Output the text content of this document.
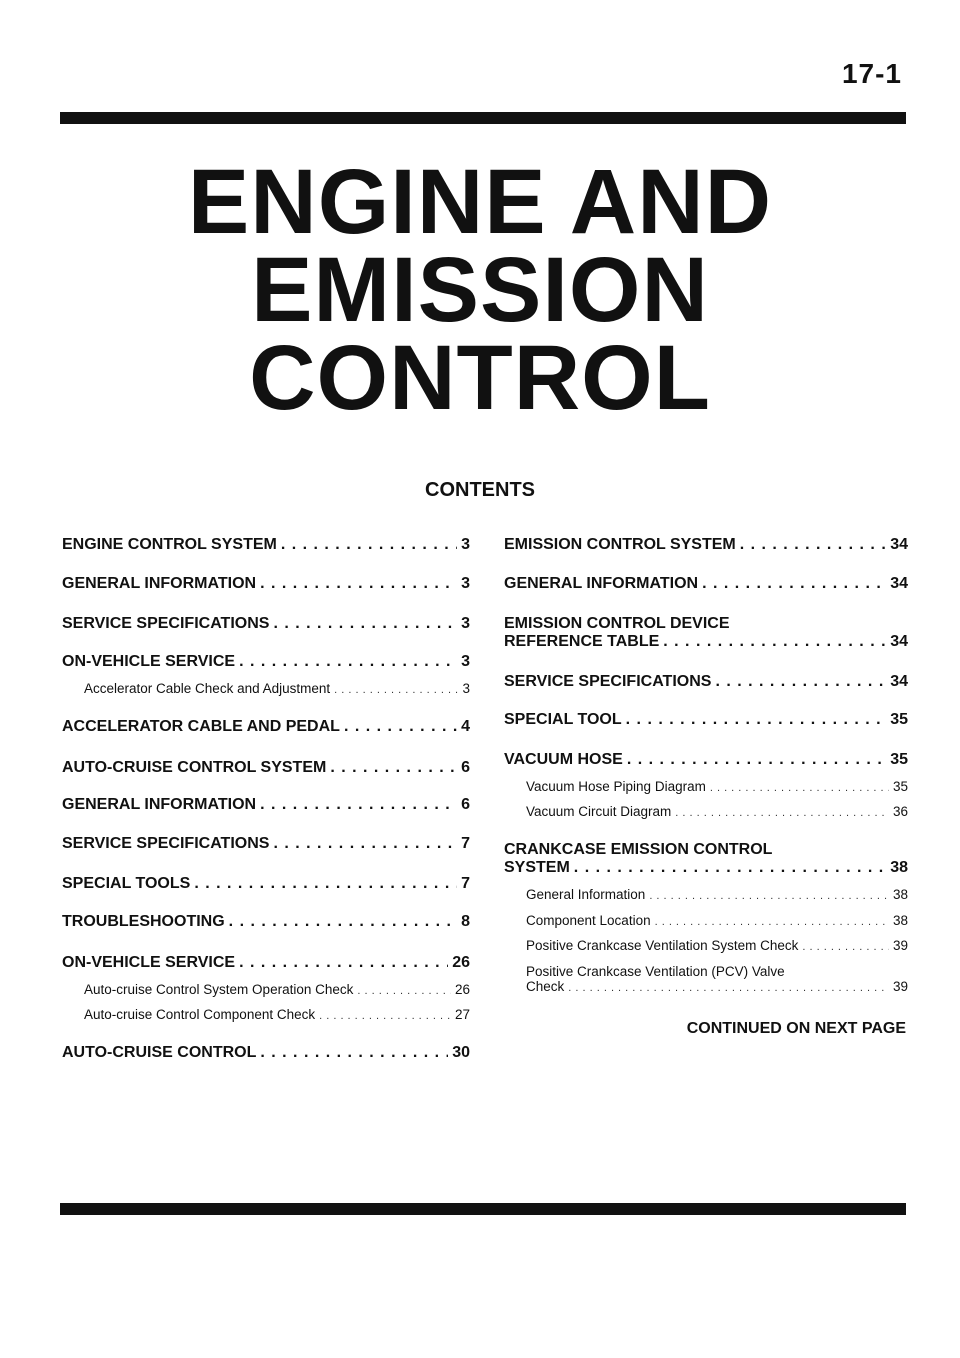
17-1
ENGINE AND
EMISSION
CONTROL
CONTENTS
ENGINE CONTROL SYSTEM . . .	3
GENERAL INFORMATION . . .	3
SERVICE SPECIFICATIONS . . .	3
ON-VEHICLE SERVICE . . .	3
Accelerator Cable Check and Adjustment . . .	3
ACCELERATOR CABLE AND PEDAL . . .	4
AUTO-CRUISE CONTROL SYSTEM . . .	6
GENERAL INFORMATION . . .	6
SERVICE SPECIFICATIONS . . .	7
SPECIAL TOOLS . . .	7
TROUBLESHOOTING . . .	8
ON-VEHICLE SERVICE . . .	26
Auto-cruise Control System Operation Check . . .	26
Auto-cruise Control Component Check . . .	27
AUTO-CRUISE CONTROL . . .	30
EMISSION CONTROL SYSTEM . . .	34
GENERAL INFORMATION . . .	34
EMISSION CONTROL DEVICE
REFERENCE TABLE . . .	34
SERVICE SPECIFICATIONS . . .	34
SPECIAL TOOL . . .	35
VACUUM HOSE . . .	35
Vacuum Hose Piping Diagram . . .	35
Vacuum Circuit Diagram . . .	36
CRANKCASE EMISSION CONTROL
SYSTEM . . .	38
General Information . . .	38
Component Location . . .	38
Positive Crankcase Ventilation System Check . . .	39
Positive Crankcase Ventilation (PCV) Valve
Check . . .	39
CONTINUED ON NEXT PAGE
